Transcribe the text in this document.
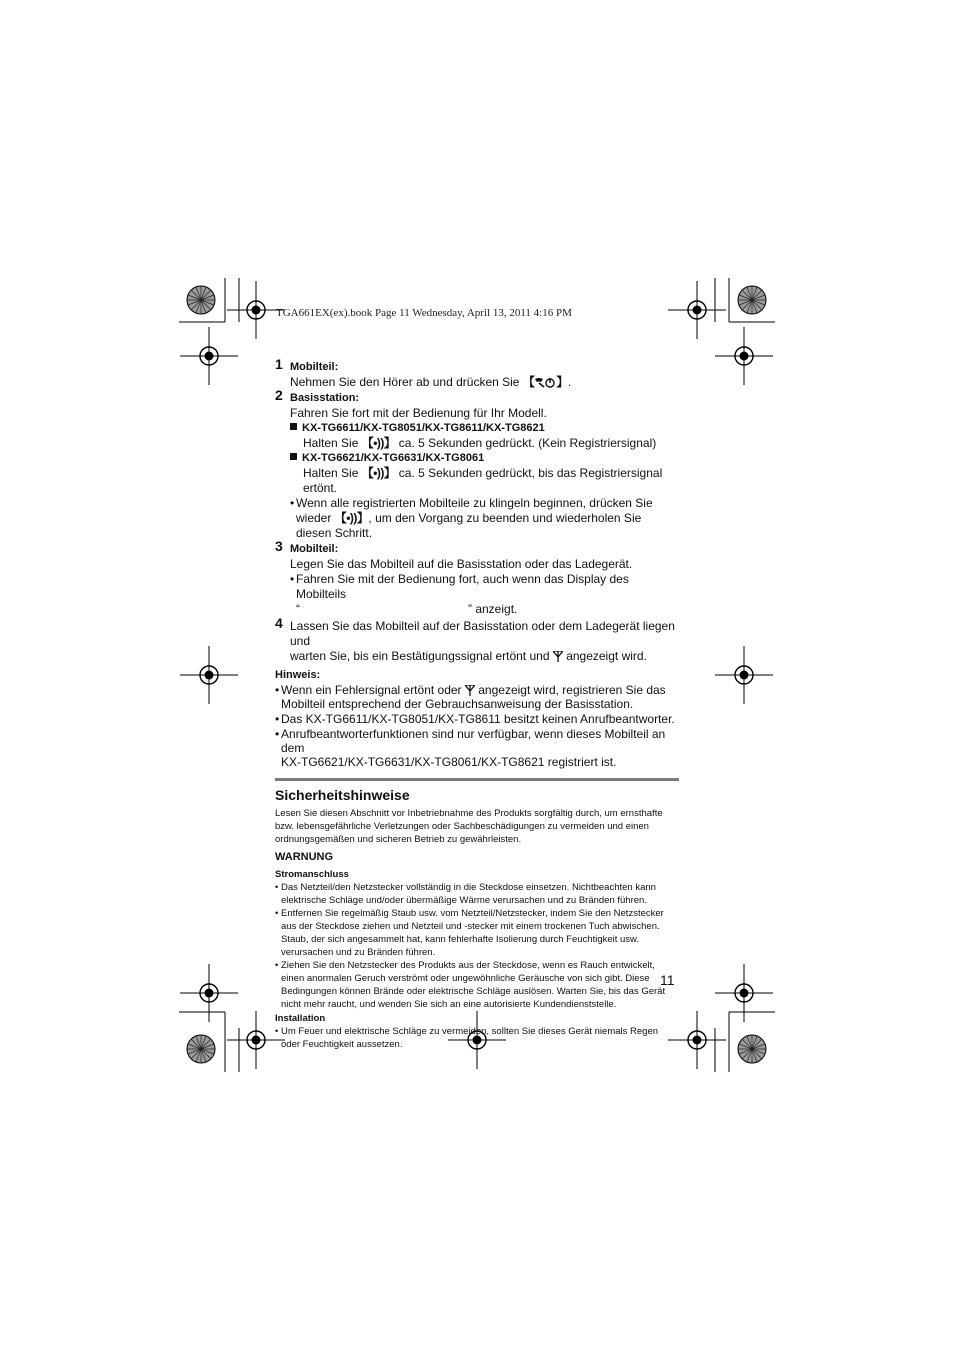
TGA661EX(ex).book Page 11 Wednesday, April 13, 2011 4:16 PM
1 Mobilteil:
Nehmen Sie den Hörer ab und drücken Sie 【 】.
2 Basisstation:
Fahren Sie fort mit der Bedienung für Ihr Modell.
KX-TG6611/KX-TG8051/KX-TG8611/KX-TG8621
Halten Sie 【•))】 ca. 5 Sekunden gedrückt. (Kein Registriersignal)
KX-TG6621/KX-TG6631/KX-TG8061
Halten Sie 【•))】 ca. 5 Sekunden gedrückt, bis das Registriersignal ertönt.
• Wenn alle registrierten Mobilteile zu klingeln beginnen, drücken Sie wieder 【•))】, um den Vorgang zu beenden und wiederholen Sie diesen Schritt.
3 Mobilteil:
Legen Sie das Mobilteil auf die Basisstation oder das Ladegerät.
• Fahren Sie mit der Bedienung fort, auch wenn das Display des Mobilteils
“	” anzeigt.
4 Lassen Sie das Mobilteil auf der Basisstation oder dem Ladegerät liegen und
warten Sie, bis ein Bestätigungssignal ertönt und angezeigt wird.
Hinweis:
• Wenn ein Fehlersignal ertönt oder angezeigt wird, registrieren Sie das
Mobilteil entsprechend der Gebrauchsanweisung der Basisstation.
• Das KX-TG6611/KX-TG8051/KX-TG8611 besitzt keinen Anrufbeantworter.
• Anrufbeantworterfunktionen sind nur verfügbar, wenn dieses Mobilteil an dem
KX-TG6621/KX-TG6631/KX-TG8061/KX-TG8621 registriert ist.
Sicherheitshinweise
Lesen Sie diesen Abschnitt vor Inbetriebnahme des Produkts sorgfältig durch, um ernsthafte bzw. lebensgefährliche Verletzungen oder Sachbeschädigungen zu vermeiden und einen ordnungsgemäßen und sicheren Betrieb zu gewährleisten.
WARNUNG
Stromanschluss
• Das Netzteil/den Netzstecker vollständig in die Steckdose einsetzen. Nichtbeachten kann elektrische Schläge und/oder übermäßige Wärme verursachen und zu Bränden führen.
• Entfernen Sie regelmäßig Staub usw. vom Netzteil/Netzstecker, indem Sie den Netzstecker aus der Steckdose ziehen und Netzteil und -stecker mit einem trockenen Tuch abwischen. Staub, der sich angesammelt hat, kann fehlerhafte Isolierung durch Feuchtigkeit usw. verursachen und zu Bränden führen.
• Ziehen Sie den Netzstecker des Produkts aus der Steckdose, wenn es Rauch entwickelt, einen anormalen Geruch verströmt oder ungewöhnliche Geräusche von sich gibt. Diese Bedingungen können Brände oder elektrische Schläge auslösen. Warten Sie, bis das Gerät nicht mehr raucht, und wenden Sie sich an eine autorisierte Kundendienststelle.
Installation
• Um Feuer und elektrische Schläge zu vermeiden, sollten Sie dieses Gerät niemals Regen oder Feuchtigkeit aussetzen.
11
